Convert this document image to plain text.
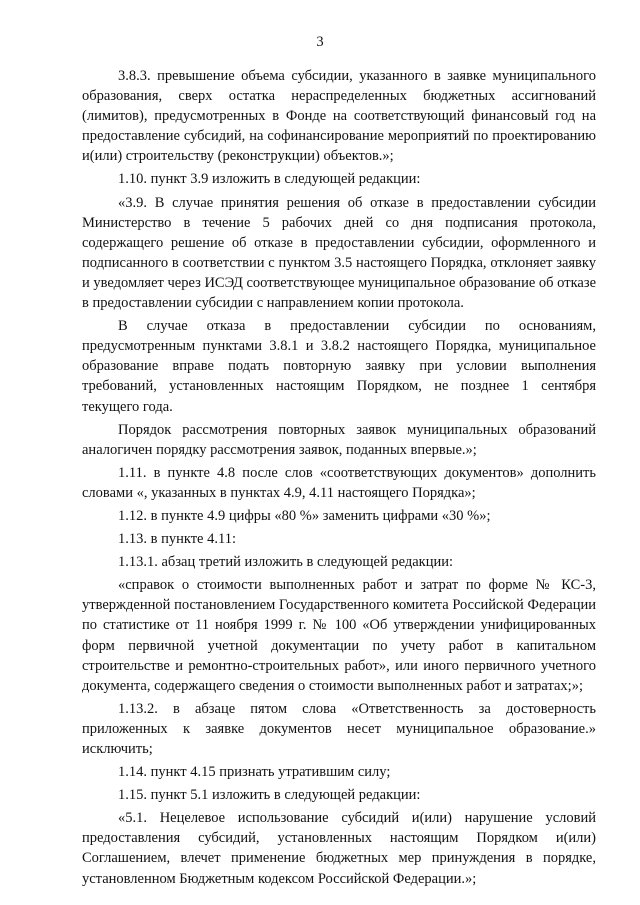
3

3.8.3. превышение объема субсидии, указанного в заявке муниципального образования, сверх остатка нераспределенных бюджетных ассигнований (лимитов), предусмотренных в Фонде на соответствующий финансовый год на предоставление субсидий, на софинансирование мероприятий по проектированию и(или) строительству (реконструкции) объектов.»;

1.10. пункт 3.9 изложить в следующей редакции:

«3.9. В случае принятия решения об отказе в предоставлении субсидии Министерство в течение 5 рабочих дней со дня подписания протокола, содержащего решение об отказе в предоставлении субсидии, оформленного и подписанного в соответствии с пунктом 3.5 настоящего Порядка, отклоняет заявку и уведомляет через ИСЭД соответствующее муниципальное образование об отказе в предоставлении субсидии с направлением копии протокола.

В случае отказа в предоставлении субсидии по основаниям, предусмотренным пунктами 3.8.1 и 3.8.2 настоящего Порядка, муниципальное образование вправе подать повторную заявку при условии выполнения требований, установленных настоящим Порядком, не позднее 1 сентября текущего года.

Порядок рассмотрения повторных заявок муниципальных образований аналогичен порядку рассмотрения заявок, поданных впервые.»;

1.11. в пункте 4.8 после слов «соответствующих документов» дополнить словами «, указанных в пунктах 4.9, 4.11 настоящего Порядка»;

1.12. в пункте 4.9 цифры «80 %» заменить цифрами «30 %»;

1.13. в пункте 4.11:

1.13.1. абзац третий изложить в следующей редакции:

«справок о стоимости выполненных работ и затрат по форме № КС-3, утвержденной постановлением Государственного комитета Российской Федерации по статистике от 11 ноября 1999 г. № 100 «Об утверждении унифицированных форм первичной учетной документации по учету работ в капитальном строительстве и ремонтно-строительных работ», или иного первичного учетного документа, содержащего сведения о стоимости выполненных работ и затратах;»;

1.13.2. в абзаце пятом слова «Ответственность за достоверность приложенных к заявке документов несет муниципальное образование.» исключить;

1.14. пункт 4.15 признать утратившим силу;

1.15. пункт 5.1 изложить в следующей редакции:

«5.1. Нецелевое использование субсидий и(или) нарушение условий предоставления субсидий, установленных настоящим Порядком и(или) Соглашением, влечет применение бюджетных мер принуждения в порядке, установленном Бюджетным кодексом Российской Федерации.»;
